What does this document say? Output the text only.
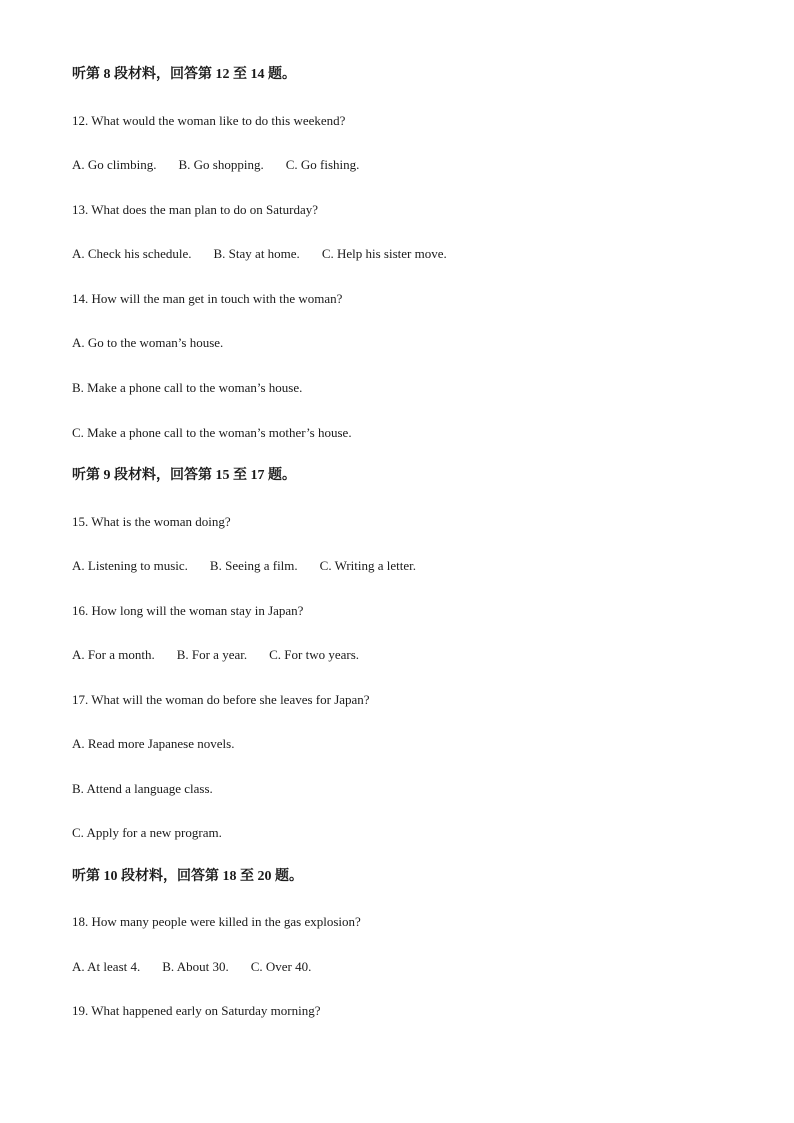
听第 8 段材料，回答第 12 至 14 题。
12. What would the woman like to do this weekend?
A. Go climbing. B. Go shopping. C. Go fishing.
13. What does the man plan to do on Saturday?
A. Check his schedule. B. Stay at home. C. Help his sister move.
14. How will the man get in touch with the woman?
A. Go to the woman’s house.
B. Make a phone call to the woman’s house.
C. Make a phone call to the woman’s mother’s house.
听第 9 段材料，回答第 15 至 17 题。
15. What is the woman doing?
A. Listening to music. B. Seeing a film. C. Writing a letter.
16. How long will the woman stay in Japan?
A. For a month. B. For a year. C. For two years.
17. What will the woman do before she leaves for Japan?
A. Read more Japanese novels.
B. Attend a language class.
C. Apply for a new program.
听第 10 段材料，回答第 18 至 20 题。
18. How many people were killed in the gas explosion?
A. At least 4. B. About 30. C. Over 40.
19. What happened early on Saturday morning?
